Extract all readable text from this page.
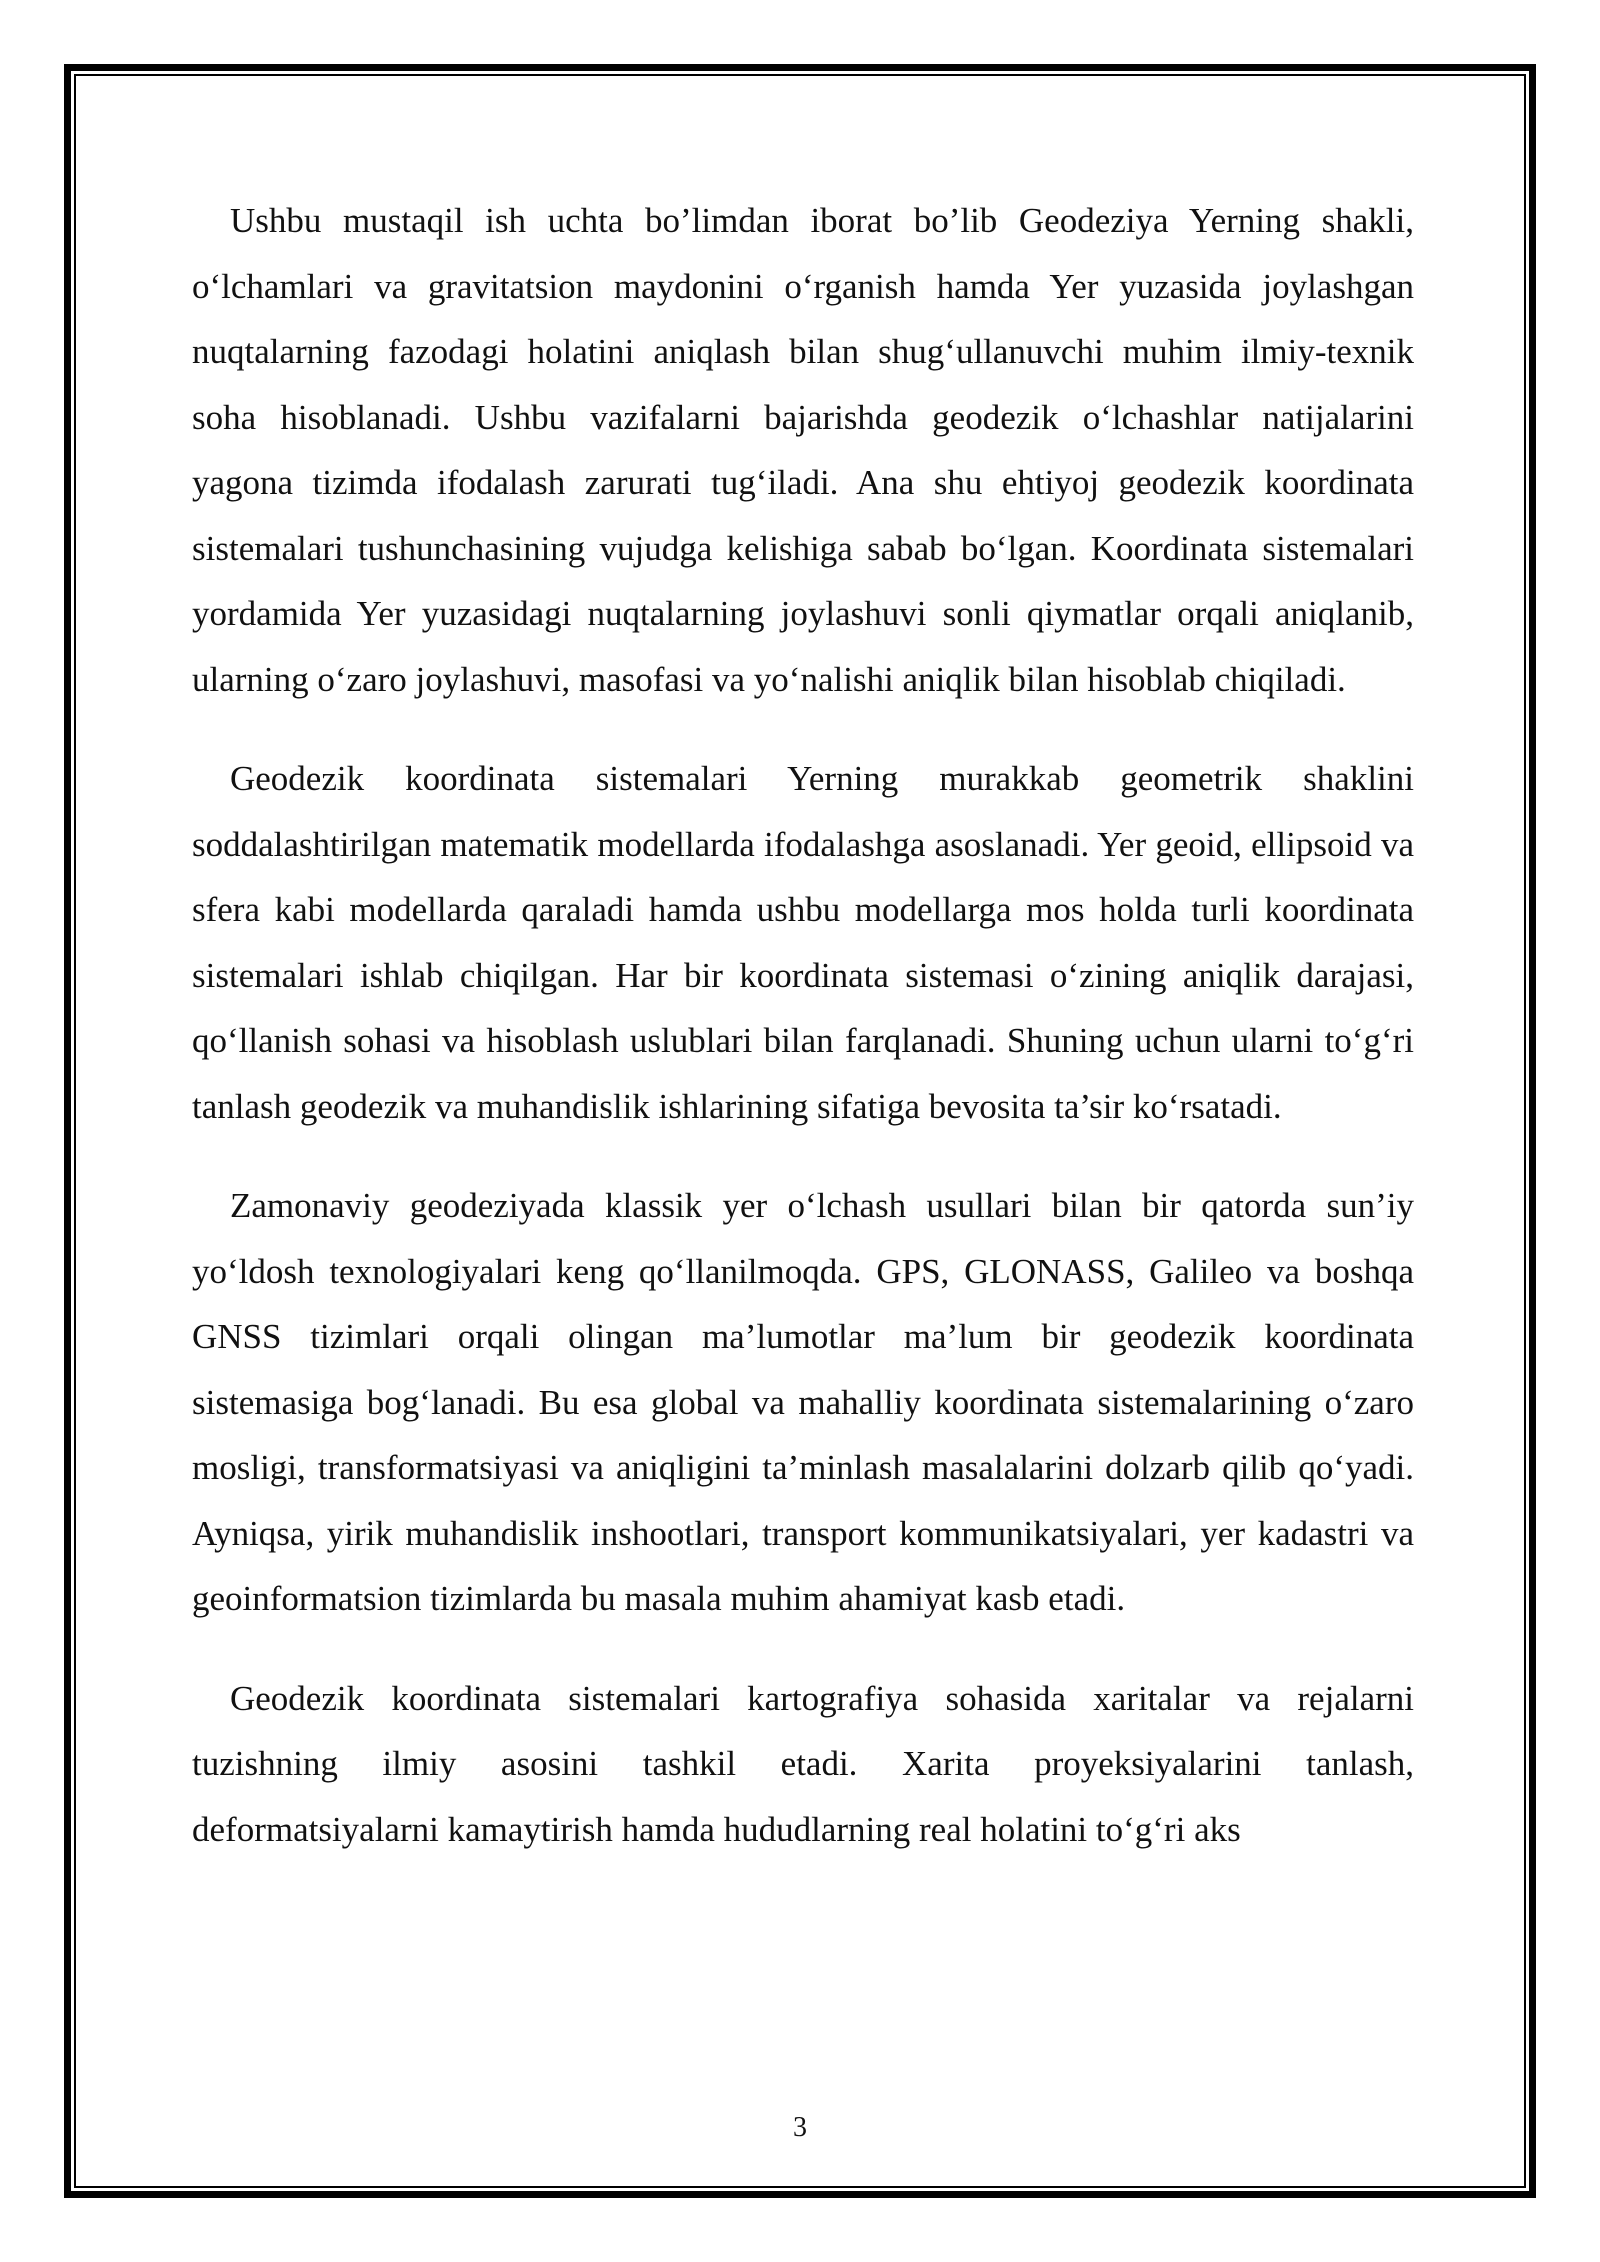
Ushbu mustaqil ish uchta bo’limdan iborat bo’lib Geodeziya Yerning shakli, o‘lchamlari va gravitatsion maydonini o‘rganish hamda Yer yuzasida joylashgan nuqtalarning fazodagi holatini aniqlash bilan shug‘ullanuvchi muhim ilmiy-texnik soha hisoblanadi. Ushbu vazifalarni bajarishda geodezik o‘lchashlar natijalarini yagona tizimda ifodalash zarurati tug‘iladi. Ana shu ehtiyoj geodezik koordinata sistemalari tushunchasining vujudga kelishiga sabab bo‘lgan. Koordinata sistemalari yordamida Yer yuzasidagi nuqtalarning joylashuvi sonli qiymatlar orqali aniqlanib, ularning o‘zaro joylashuvi, masofasi va yo‘nalishi aniqlik bilan hisoblab chiqiladi.

Geodezik koordinata sistemalari Yerning murakkab geometrik shaklini soddalashtirilgan matematik modellarda ifodalashga asoslanadi. Yer geoid, ellipsoid va sfera kabi modellarda qaraladi hamda ushbu modellarga mos holda turli koordinata sistemalari ishlab chiqilgan. Har bir koordinata sistemasi o‘zining aniqlik darajasi, qo‘llanish sohasi va hisoblash uslublari bilan farqlanadi. Shuning uchun ularni to‘g‘ri tanlash geodezik va muhandislik ishlarining sifatiga bevosita ta’sir ko‘rsatadi.

Zamonaviy geodeziyada klassik yer o‘lchash usullari bilan bir qatorda sun’iy yo‘ldosh texnologiyalari keng qo‘llanilmoqda. GPS, GLONASS, Galileo va boshqa GNSS tizimlari orqali olingan ma’lumotlar ma’lum bir geodezik koordinata sistemasiga bog‘lanadi. Bu esa global va mahalliy koordinata sistemalarining o‘zaro mosligi, transformatsiyasi va aniqligini ta’minlash masalalarini dolzarb qilib qo‘yadi. Ayniqsa, yirik muhandislik inshootlari, transport kommunikatsiyalari, yer kadastri va geoinformatsion tizimlarda bu masala muhim ahamiyat kasb etadi.

Geodezik koordinata sistemalari kartografiya sohasida xaritalar va rejalarni tuzishning ilmiy asosini tashkil etadi. Xarita proyeksiyalarini tanlash, deformatsiyalarni kamaytirish hamda hududlarning real holatini to‘g‘ri aks

3
